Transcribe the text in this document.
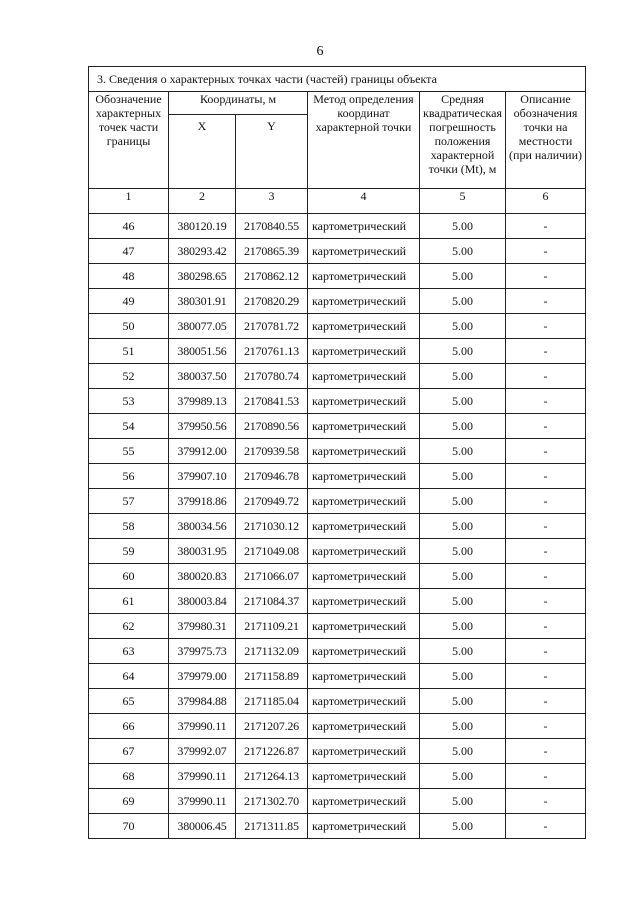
6
3. Сведения о характерных точках части (частей) границы объекта					
Обозначение характерных точек части границы	Координаты, м		Метод определения координат характерной точки	Средняя квадратическая погрешность положения характерной точки (Mt), м	Описание обозначения точки на местности (при наличии)
	X	Y			
1	2	3	4	5	6
46	380120.19	2170840.55	картометрический	5.00	-
47	380293.42	2170865.39	картометрический	5.00	-
48	380298.65	2170862.12	картометрический	5.00	-
49	380301.91	2170820.29	картометрический	5.00	-
50	380077.05	2170781.72	картометрический	5.00	-
51	380051.56	2170761.13	картометрический	5.00	-
52	380037.50	2170780.74	картометрический	5.00	-
53	379989.13	2170841.53	картометрический	5.00	-
54	379950.56	2170890.56	картометрический	5.00	-
55	379912.00	2170939.58	картометрический	5.00	-
56	379907.10	2170946.78	картометрический	5.00	-
57	379918.86	2170949.72	картометрический	5.00	-
58	380034.56	2171030.12	картометрический	5.00	-
59	380031.95	2171049.08	картометрический	5.00	-
60	380020.83	2171066.07	картометрический	5.00	-
61	380003.84	2171084.37	картометрический	5.00	-
62	379980.31	2171109.21	картометрический	5.00	-
63	379975.73	2171132.09	картометрический	5.00	-
64	379979.00	2171158.89	картометрический	5.00	-
65	379984.88	2171185.04	картометрический	5.00	-
66	379990.11	2171207.26	картометрический	5.00	-
67	379992.07	2171226.87	картометрический	5.00	-
68	379990.11	2171264.13	картометрический	5.00	-
69	379990.11	2171302.70	картометрический	5.00	-
70	380006.45	2171311.85	картометрический	5.00	-
